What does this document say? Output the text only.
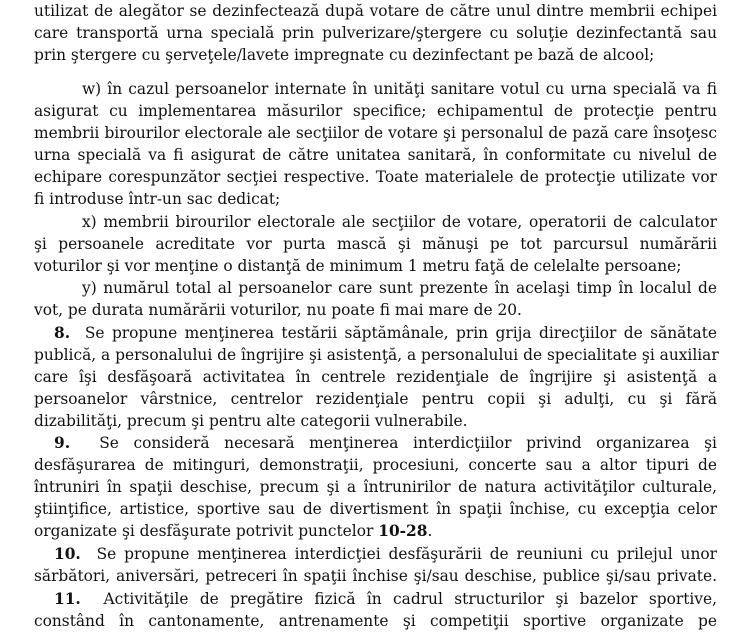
utilizat de alegător se dezinfectează după votare de către unul dintre membrii echipei
care transportă urna specială prin pulverizare/ştergere cu soluţie dezinfectantă sau
prin ştergere cu şerveţele/lavete impregnate cu dezinfectant pe bază de alcool;
w) în cazul persoanelor internate în unităţi sanitare votul cu urna specială va fi
asigurat cu implementarea măsurilor specifice; echipamentul de protecţie pentru
membrii birourilor electorale ale secţiilor de votare şi personalul de pază care însoţesc
urna specială va fi asigurat de către unitatea sanitară, în conformitate cu nivelul de
echipare corespunzător secţiei respective. Toate materialele de protecţie utilizate vor
fi introduse într-un sac dedicat;
x) membrii birourilor electorale ale secţiilor de votare, operatorii de calculator
şi persoanele acreditate vor purta mască şi mănuşi pe tot parcursul numărării
voturilor şi vor menţine o distanţă de minimum 1 metru faţă de celelalte persoane;
y) numărul total al persoanelor care sunt prezente în acelaşi timp în localul de
vot, pe durata numărării voturilor, nu poate fi mai mare de 20.
8. Se propune menţinerea testării săptămânale, prin grija direcţiilor de sănătate
publică, a personalului de îngrijire şi asistenţă, a personalului de specialitate şi auxiliar
care îşi desfăşoară activitatea în centrele rezidenţiale de îngrijire şi asistenţă a
persoanelor vârstnice, centrelor rezidenţiale pentru copii şi adulţi, cu şi fără
dizabilităţi, precum şi pentru alte categorii vulnerabile.
9. Se consideră necesară menţinerea interdicţiilor privind organizarea şi
desfăşurarea de mitinguri, demonstraţii, procesiuni, concerte sau a altor tipuri de
întruniri în spaţii deschise, precum şi a întrunirilor de natura activităţilor culturale,
ştiinţifice, artistice, sportive sau de divertisment în spaţii închise, cu excepţia celor
organizate şi desfăşurate potrivit punctelor 10-28.
10. Se propune menţinerea interdicţiei desfăşurării de reuniuni cu prilejul unor
sărbători, aniversări, petreceri în spaţii închise şi/sau deschise, publice şi/sau private.
11. Activităţile de pregătire fizică în cadrul structurilor şi bazelor sportive,
constând în cantonamente, antrenamente şi competiţii sportive organizate pe
